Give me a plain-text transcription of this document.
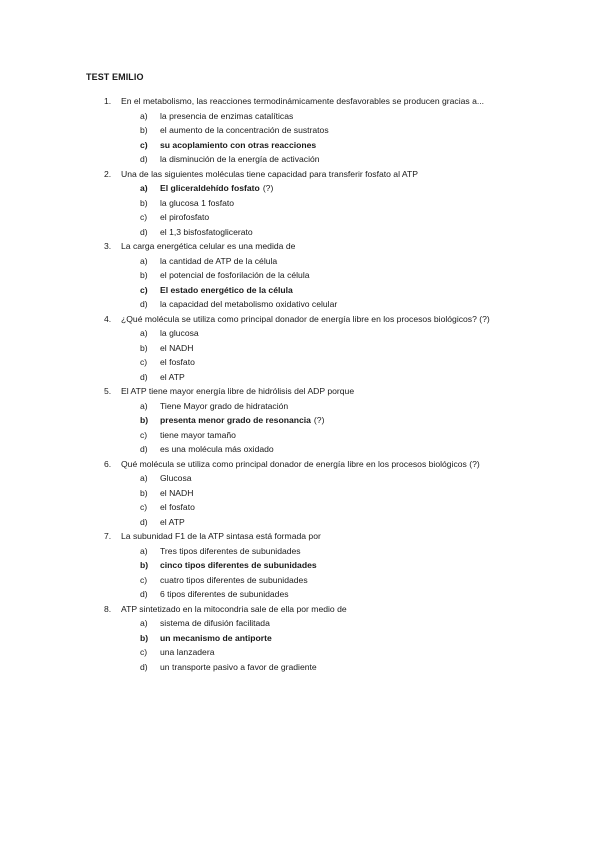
TEST EMILIO
1.	En el metabolismo, las reacciones termodinámicamente desfavorables se producen gracias a...
a)	la presencia de enzimas catalíticas
b)	el aumento de la concentración de sustratos
c)	su acoplamiento con otras reacciones
d)	la disminución de la energía de activación
2.	Una de las siguientes moléculas tiene capacidad para transferir fosfato al ATP
a)	El gliceraldehído fosfato (?)
b)	la glucosa 1 fosfato
c)	el pirofosfato
d)	el 1,3 bisfosfatoglicerato
3.	La carga energética celular es una medida de
a)	la cantidad de ATP de la célula
b)	el potencial de fosforilación de la célula
c)	El estado energético de la célula
d)	la capacidad del metabolismo oxidativo celular
4.	¿Qué molécula se utiliza como principal donador de energía libre en los procesos biológicos? (?)
a)	la glucosa
b)	el NADH
c)	el fosfato
d)	el ATP
5.	El ATP tiene mayor energía libre de hidrólisis del ADP porque
a)	Tiene Mayor grado de hidratación
b)	presenta menor grado de resonancia (?)
c)	tiene mayor tamaño
d)	es una molécula más oxidado
6.	Qué molécula se utiliza como principal donador de energía libre en los procesos biológicos (?)
a)	Glucosa
b)	el NADH
c)	el fosfato
d)	el ATP
7.	La subunidad F1 de la ATP sintasa está formada por
a)	Tres tipos diferentes de subunidades
b)	cinco tipos diferentes de subunidades
c)	cuatro tipos diferentes de subunidades
d)	6 tipos diferentes de subunidades
8.	ATP sintetizado en la mitocondria sale de ella por medio de
a)	sistema de difusión facilitada
b)	un mecanismo de antiporte
c)	una lanzadera
d)	un transporte pasivo a favor de gradiente
